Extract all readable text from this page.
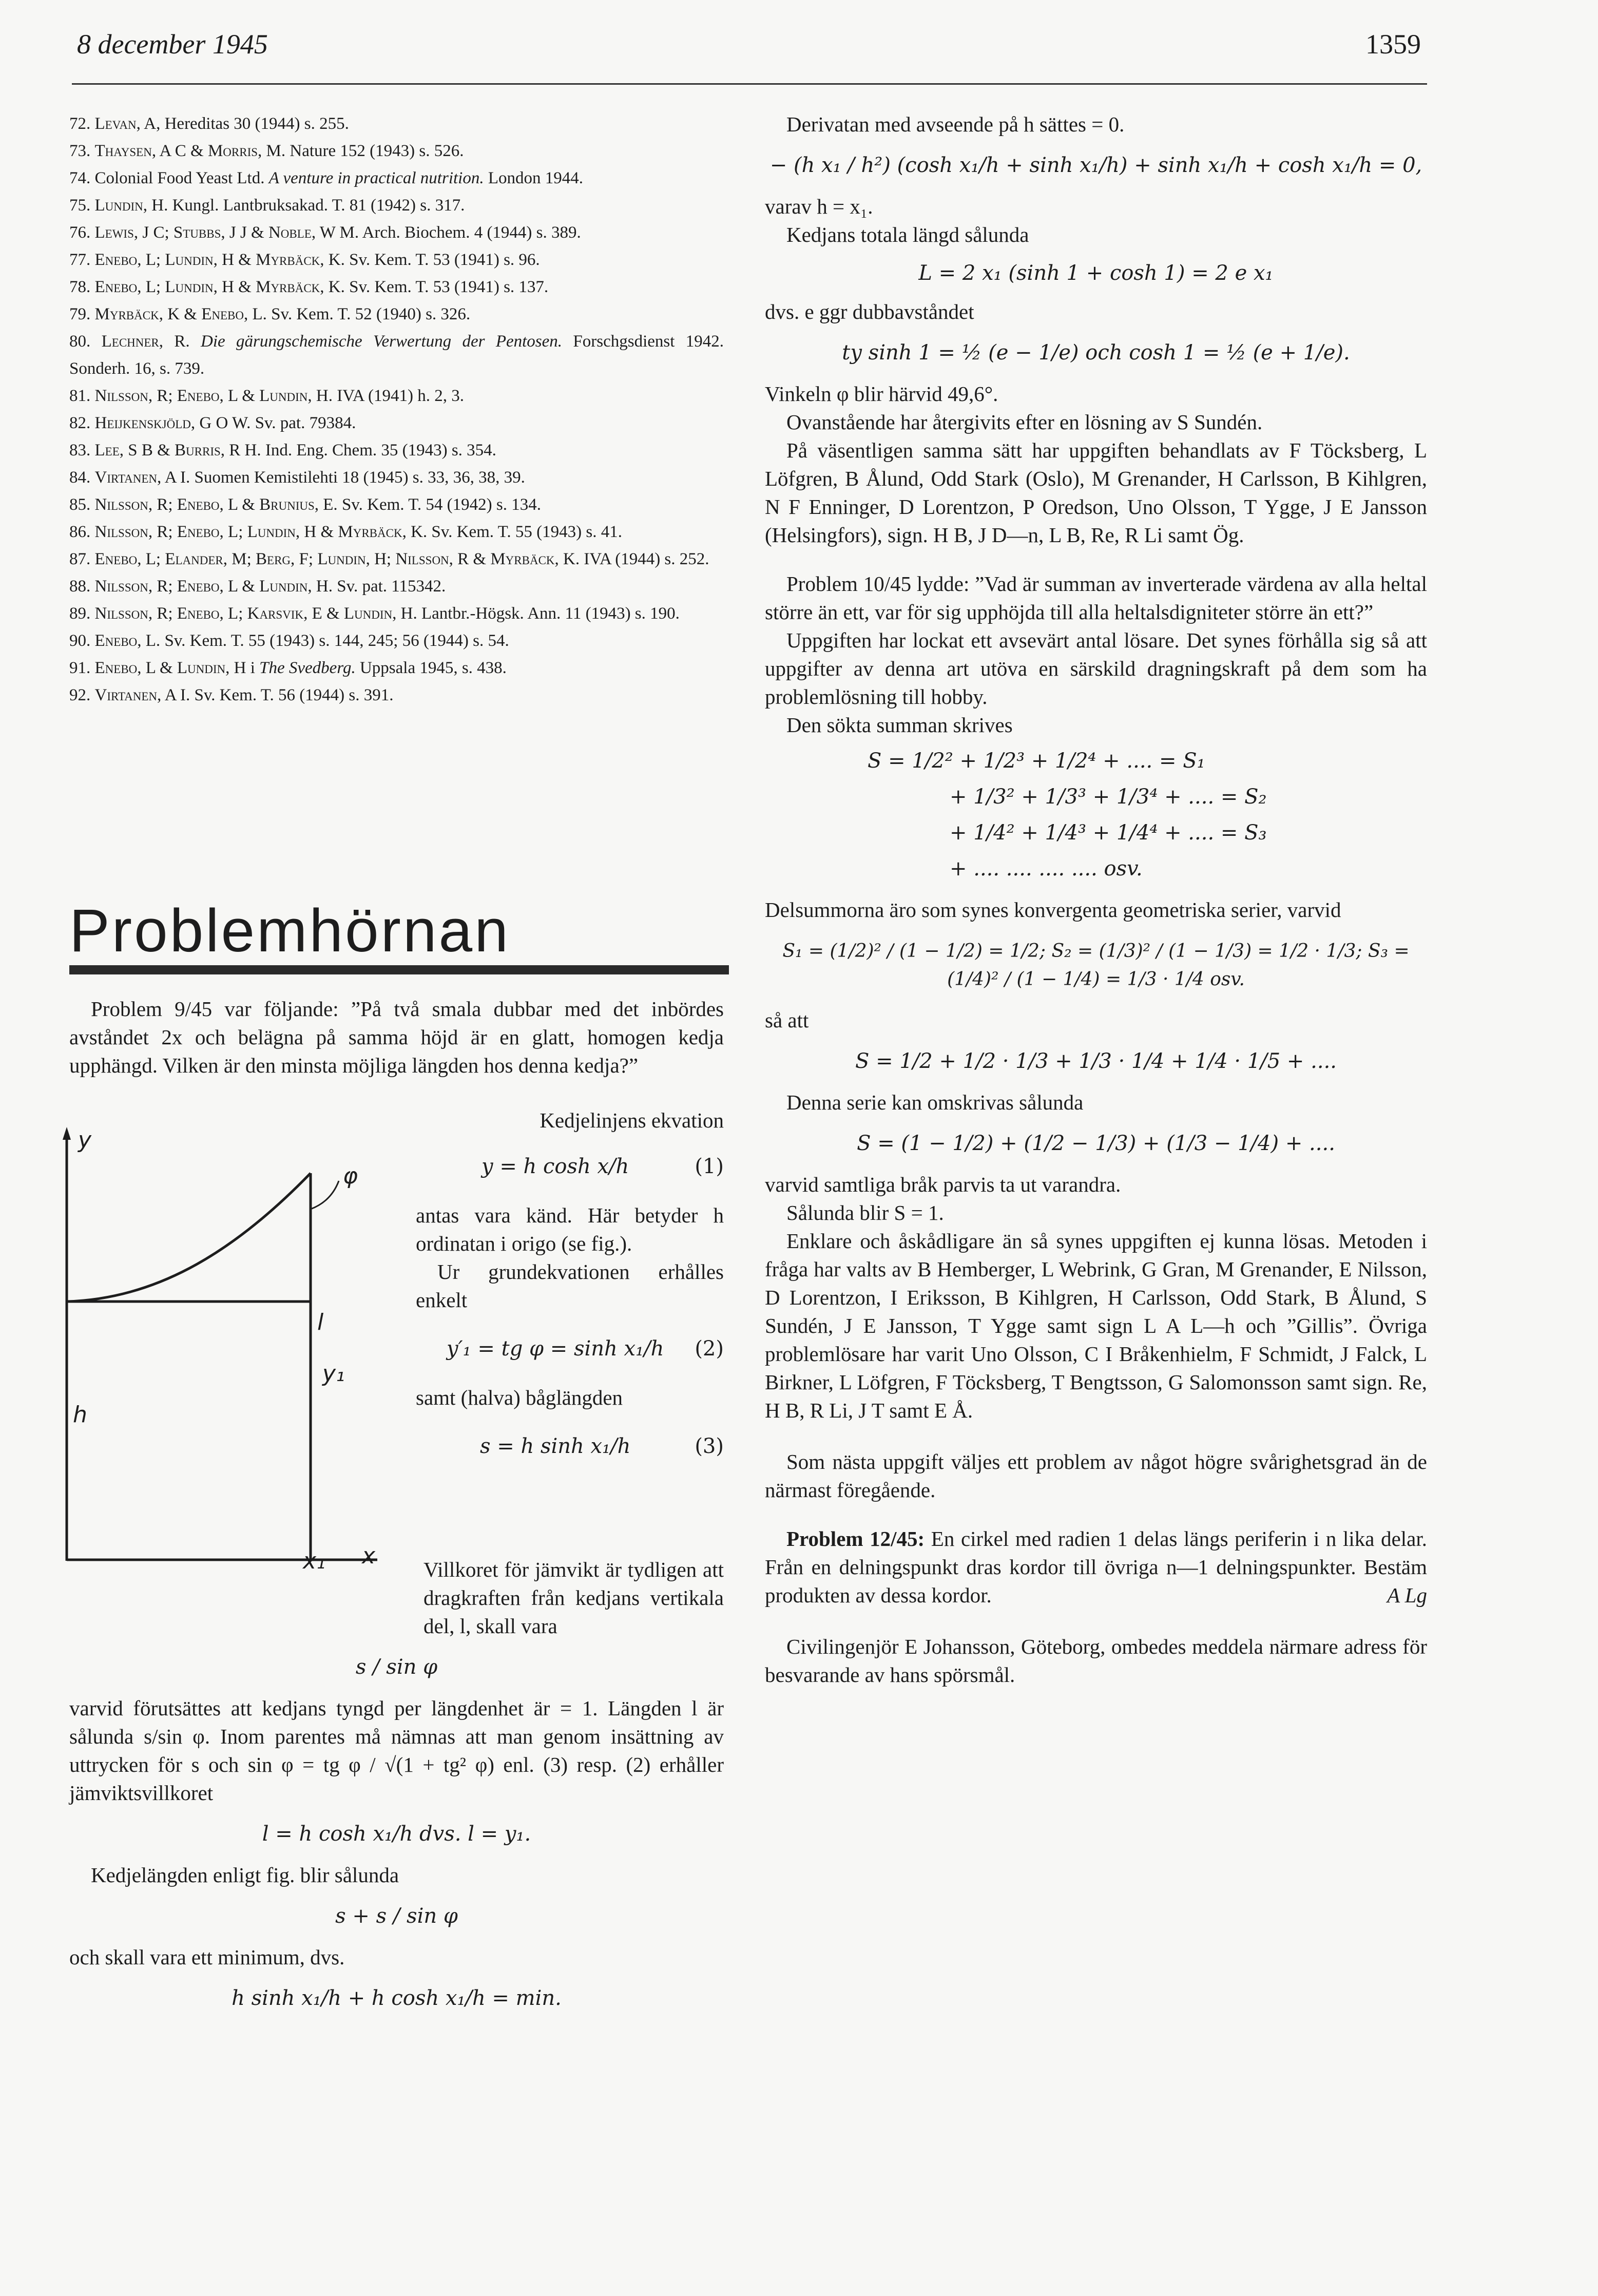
8 december 1945	1359

72. Levan, A, Hereditas 30 (1944) s. 255.

73. Thaysen, A C & Morris, M. Nature 152 (1943) s. 526.

74. Colonial Food Yeast Ltd. A venture in practical nutrition. London 1944.

75. Lundin, H. Kungl. Lantbruksakad. T. 81 (1942) s. 317.

76. Lewis, J C; Stubbs, J J & Noble, W M. Arch. Biochem. 4 (1944) s. 389.

77. Enebo, L; Lundin, H & Myrbäck, K. Sv. Kem. T. 53 (1941) s. 96.

78. Enebo, L; Lundin, H & Myrbäck, K. Sv. Kem. T. 53 (1941) s. 137.

79. Myrbäck, K & Enebo, L. Sv. Kem. T. 52 (1940) s. 326.

80. Lechner, R. Die gärungschemische Verwertung der Pentosen. Forschgsdienst 1942. Sonderh. 16, s. 739.

81. Nilsson, R; Enebo, L & Lundin, H. IVA (1941) h. 2, 3.

82. Heijkenskjöld, G O W. Sv. pat. 79384.

83. Lee, S B & Burris, R H. Ind. Eng. Chem. 35 (1943) s. 354.

84. Virtanen, A I. Suomen Kemistilehti 18 (1945) s. 33, 36, 38, 39.

85. Nilsson, R; Enebo, L & Brunius, E. Sv. Kem. T. 54 (1942) s. 134.

86. Nilsson, R; Enebo, L; Lundin, H & Myrbäck, K. Sv. Kem. T. 55 (1943) s. 41.

87. Enebo, L; Elander, M; Berg, F; Lundin, H; Nilsson, R & Myrbäck, K. IVA (1944) s. 252.

88. Nilsson, R; Enebo, L & Lundin, H. Sv. pat. 115342.

89. Nilsson, R; Enebo, L; Karsvik, E & Lundin, H. Lantbr.-Högsk. Ann. 11 (1943) s. 190.

90. Enebo, L. Sv. Kem. T. 55 (1943) s. 144, 245; 56 (1944) s. 54.

91. Enebo, L & Lundin, H i The Svedberg. Uppsala 1945, s. 438.

92. Virtanen, A I. Sv. Kem. T. 56 (1944) s. 391.

Problemhörnan

Problem 9/45 var följande: ”På två smala dubbar med det inbördes avståndet 2x och belägna på samma höjd är en glatt, homogen kedja upphängd. Vilken är den minsta möjliga längden hos denna kedja?”

y
φ
l
y₁
h
x₁ x

Kedjelinjens ekvation

y = h cosh x/h	(1)

antas vara känd. Här betyder h ordinatan i origo (se fig.).

Ur grundekvationen erhålles enkelt

y′₁ = tg φ = sinh x₁/h	(2)

samt (halva) båglängden

s = h sinh x₁/h	(3)

Villkoret för jämvikt är tydligen att dragkraften från kedjans vertikala del, l, skall vara

s / sin φ

varvid förutsättes att kedjans tyngd per längdenhet är = 1. Längden l är sålunda s/sin φ. Inom parentes må nämnas att man genom insättning av uttrycken för s och sin φ = tg φ / √(1 + tg² φ) enl. (3) resp. (2) erhåller jämviktsvillkoret

l = h cosh x₁/h dvs. l = y₁.

Kedjelängden enligt fig. blir sålunda

s + s / sin φ

och skall vara ett minimum, dvs.

h sinh x₁/h + h cosh x₁/h = min.

Derivatan med avseende på h sättes = 0.

− (h x₁ / h²) (cosh x₁/h + sinh x₁/h) + sinh x₁/h + cosh x₁/h = 0,

varav h = x₁.

Kedjans totala längd sålunda

L = 2 x₁ (sinh 1 + cosh 1) = 2 e x₁

dvs. e ggr dubbavståndet

ty sinh 1 = ½ (e − 1/e) och cosh 1 = ½ (e + 1/e).

Vinkeln φ blir härvid 49,6°.

Ovanstående har återgivits efter en lösning av S Sundén.

På väsentligen samma sätt har uppgiften behandlats av F Töcksberg, L Löfgren, B Ålund, Odd Stark (Oslo), M Grenander, H Carlsson, B Kihlgren, N F Enninger, D Lorentzon, P Oredson, Uno Olsson, T Ygge, J E Jansson (Helsingfors), sign. H B, J D—n, L B, Re, R Li samt Ög.

Problem 10/45 lydde: ”Vad är summan av inverterade värdena av alla heltal större än ett, var för sig upphöjda till alla heltalsdigniteter större än ett?”

Uppgiften har lockat ett avsevärt antal lösare. Det synes förhålla sig så att uppgifter av denna art utöva en särskild dragningskraft på dem som ha problemlösning till hobby.

Den sökta summan skrives

S = 1/2² + 1/2³ + 1/2⁴ + .... = S₁
+ 1/3² + 1/3³ + 1/3⁴ + .... = S₂
+ 1/4² + 1/4³ + 1/4⁴ + .... = S₃
+ .... .... .... .... osv.

Delsummorna äro som synes konvergenta geometriska serier, varvid

S₁ = (1/2)² / (1 − 1/2) = 1/2; S₂ = (1/3)² / (1 − 1/3) = 1/2 · 1/3; S₃ = (1/4)² / (1 − 1/4) = 1/3 · 1/4 osv.

så att

S = 1/2 + 1/2 · 1/3 + 1/3 · 1/4 + 1/4 · 1/5 + ....

Denna serie kan omskrivas sålunda

S = (1 − 1/2) + (1/2 − 1/3) + (1/3 − 1/4) + ....

varvid samtliga bråk parvis ta ut varandra.

Sålunda blir S = 1.

Enklare och åskådligare än så synes uppgiften ej kunna lösas. Metoden i fråga har valts av B Hemberger, L Webrink, G Gran, M Grenander, E Nilsson, D Lorentzon, I Eriksson, B Kihlgren, H Carlsson, Odd Stark, B Ålund, S Sundén, J E Jansson, T Ygge samt sign L A L—h och ”Gillis”. Övriga problemlösare har varit Uno Olsson, C I Bråkenhielm, F Schmidt, J Falck, L Birkner, L Löfgren, F Töcksberg, T Bengtsson, G Salomonsson samt sign. Re, H B, R Li, J T samt E Å.

Som nästa uppgift väljes ett problem av något högre svårighetsgrad än de närmast föregående.

Problem 12/45: En cirkel med radien 1 delas längs periferin i n lika delar. Från en delningspunkt dras kordor till övriga n—1 delningspunkter. Bestäm produkten av dessa kordor.	A Lg

Civilingenjör E Johansson, Göteborg, ombedes meddela närmare adress för besvarande av hans spörsmål.
